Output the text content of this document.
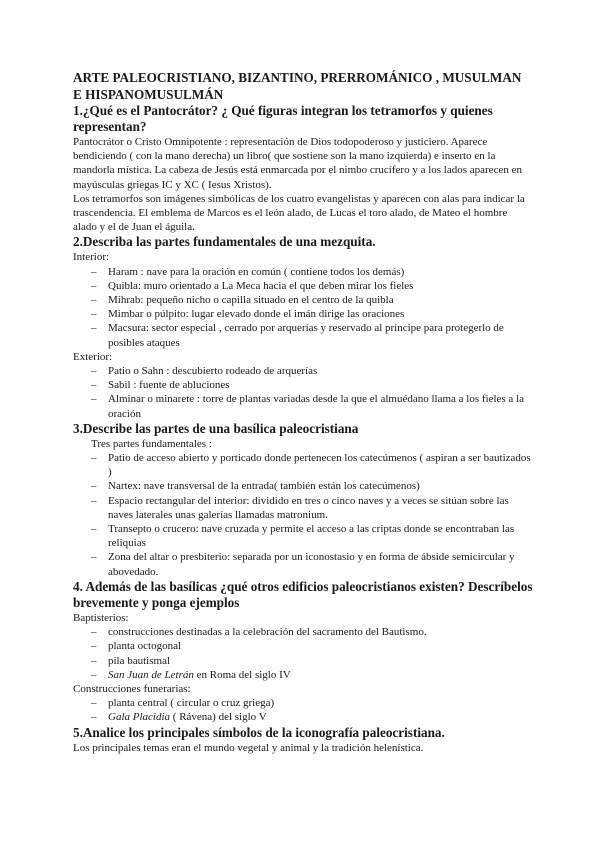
ARTE PALEOCRISTIANO, BIZANTINO, PRERROMÁNICO , MUSULMAN E HISPANOMUSULMÁN

1.¿Qué es el Pantocrátor? ¿ Qué figuras integran los tetramorfos y quienes representan?

Pantocrátor o Cristo Omnipotente : representación de Dios todopoderoso y justiciero. Aparece bendiciendo ( con la mano derecha) un libro( que sostiene son la mano izquierda) e inserto en la mandorla mística. La cabeza de Jesús está enmarcada por el nimbo crucífero y a los lados aparecen en mayúsculas griegas IC y XC ( Iesus Xristos).

Los tetramorfos son imágenes simbólicas de los cuatro evangelistas y aparecen con alas para indicar la trascendencia. El emblema de Marcos es el león alado, de Lucas el toro alado, de Mateo el hombre alado y el de Juan el águila.

2.Describa las partes fundamentales de una mezquita.

Interior:

– Haram : nave para la oración en común ( contiene todos los demás)
– Quibla: muro orientado a La Meca hacia el que deben mirar los fieles
– Mihrab: pequeño nicho o capilla situado en el centro de la quibla
– Mimbar o púlpito: lugar elevado donde el imán dirige las oraciones
– Macsura: sector especial , cerrado por arquerías y reservado al príncipe para protegerlo de posibles ataques

Exterior:

– Patio o Sahn : descubierto rodeado de arquerías
– Sabil : fuente de abluciones
– Alminar o minarete : torre de plantas variadas desde la que el almuédano llama a los fieles a la oración

3.Describe las partes de una basílica paleocristiana

Tres partes fundamentales :

– Patio de acceso abierto y porticado donde pertenecen los catecúmenos ( aspiran a ser bautizados )
– Nartex: nave transversal de la entrada( también están los catecúmenos)
– Espacio rectangular del interior: dividido en tres o cinco naves y a veces se sitúan sobre las naves laterales unas galerías llamadas matronium.
– Transepto o crucero: nave cruzada y permite el acceso a las criptas donde se encontraban las reliquias
– Zona del altar o presbiterio: separada por un iconostasio y en forma de ábside semicircular y abovedado.

4. Además de las basílicas ¿qué otros edificios paleocristianos existen? Descríbelos brevemente y ponga ejemplos

Baptisterios:

– construcciones destinadas a la celebración del sacramento del Bautismo.
– planta octogonal
– pila bautismal
– San Juan de Letrán en Roma del siglo IV

Construcciones funerarias:

– planta central ( circular o cruz griega)
– Gala Placidia ( Rávena) del siglo V

5.Analice los principales símbolos de la iconografía paleocristiana.

Los principales temas eran el mundo vegetal y animal y la tradición helenística.
